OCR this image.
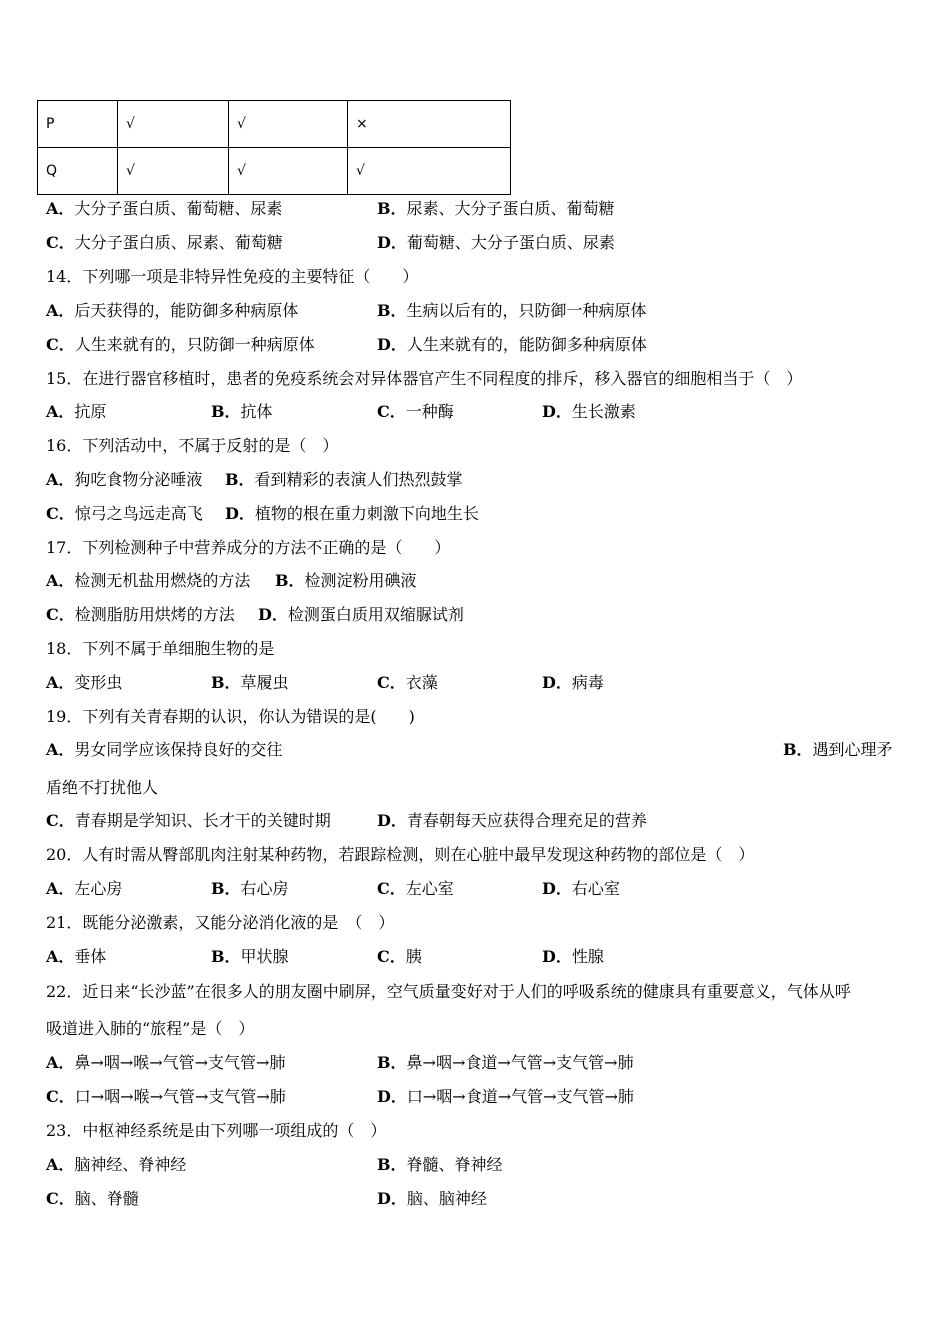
P	√	√	×
Q	√	√	√
A．大分子蛋白质、葡萄糖、尿素	B．尿素、大分子蛋白质、葡萄糖
C．大分子蛋白质、尿素、葡萄糖	D．葡萄糖、大分子蛋白质、尿素
14．下列哪一项是非特异性免疫的主要特征（　　）
A．后天获得的，能防御多种病原体	B．生病以后有的，只防御一种病原体
C．人生来就有的，只防御一种病原体	D．人生来就有的，能防御多种病原体
15．在进行器官移植时，患者的免疫系统会对异体器官产生不同程度的排斥，移入器官的细胞相当于（　）
A．抗原	B．抗体	C．一种酶	D．生长激素
16．下列活动中，不属于反射的是（　）
A．狗吃食物分泌唾液 B．看到精彩的表演人们热烈鼓掌
C．惊弓之鸟远走高飞 D．植物的根在重力刺激下向地生长
17．下列检测种子中营养成分的方法不正确的是（　　）
A．检测无机盐用燃烧的方法 B．检测淀粉用碘液
C．检测脂肪用烘烤的方法 D．检测蛋白质用双缩脲试剂
18．下列不属于单细胞生物的是
A．变形虫	B．草履虫	C．衣藻	D．病毒
19．下列有关青春期的认识，你认为错误的是(　　)
A．男女同学应该保持良好的交往	B．遇到心理矛
盾绝不打扰他人
C．青春期是学知识、长才干的关键时期	D．青春朝每天应获得合理充足的营养
20．人有时需从臀部肌肉注射某种药物，若跟踪检测，则在心脏中最早发现这种药物的部位是（　）
A．左心房	B．右心房	C．左心室	D．右心室
21．既能分泌激素，又能分泌消化液的是　（　）
A．垂体	B．甲状腺	C．胰	D．性腺
22．近日来“长沙蓝”在很多人的朋友圈中刷屏，空气质量变好对于人们的呼吸系统的健康具有重要意义，气体从呼
吸道进入肺的“旅程”是（　）
A．鼻→咽→喉→气管→支气管→肺	B．鼻→咽→食道→气管→支气管→肺
C．口→咽→喉→气管→支气管→肺	D．口→咽→食道→气管→支气管→肺
23．中枢神经系统是由下列哪一项组成的（　）
A．脑神经、脊神经	B．脊髓、脊神经
C．脑、脊髓	D．脑、脑神经
